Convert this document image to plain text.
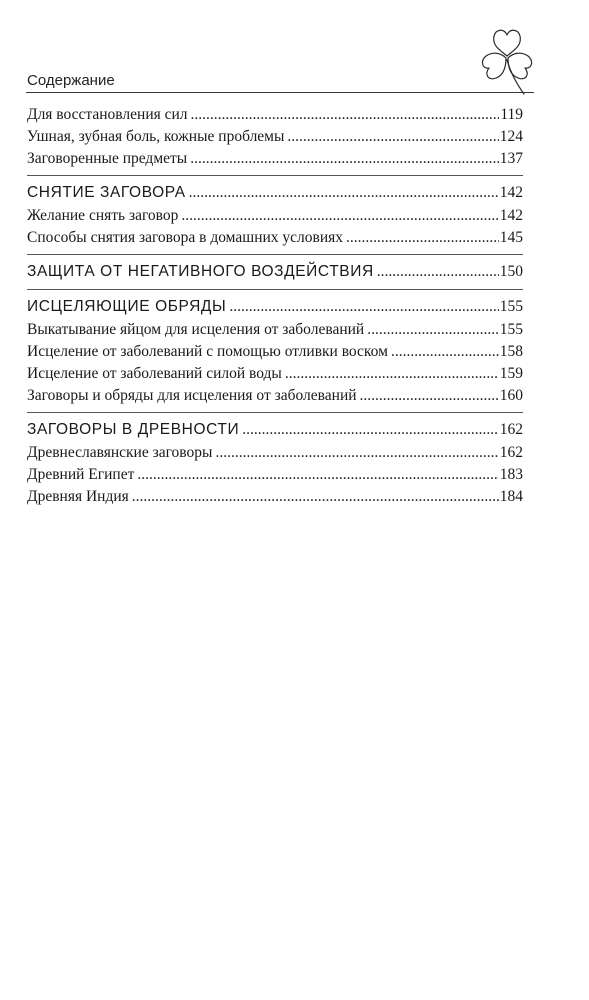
Содержание
Для восстановления сил .....	119
Ушная, зубная боль, кожные проблемы .....	124
Заговоренные предметы .....	137
СНЯТИЕ ЗАГОВОРА .....	142
Желание снять заговор .....	142
Способы снятия заговора в домашних условиях .....	145
ЗАЩИТА ОТ НЕГАТИВНОГО ВОЗДЕЙСТВИЯ .....	150
ИСЦЕЛЯЮЩИЕ ОБРЯДЫ .....	155
Выкатывание яйцом для исцеления от заболеваний .....	155
Исцеление от заболеваний с помощью отливки воском .....	158
Исцеление от заболеваний силой воды .....	159
Заговоры и обряды для исцеления от заболеваний .....	160
ЗАГОВОРЫ В ДРЕВНОСТИ .....	162
Древнеславянские заговоры .....	162
Древний Египет .....	183
Древняя Индия .....	184
